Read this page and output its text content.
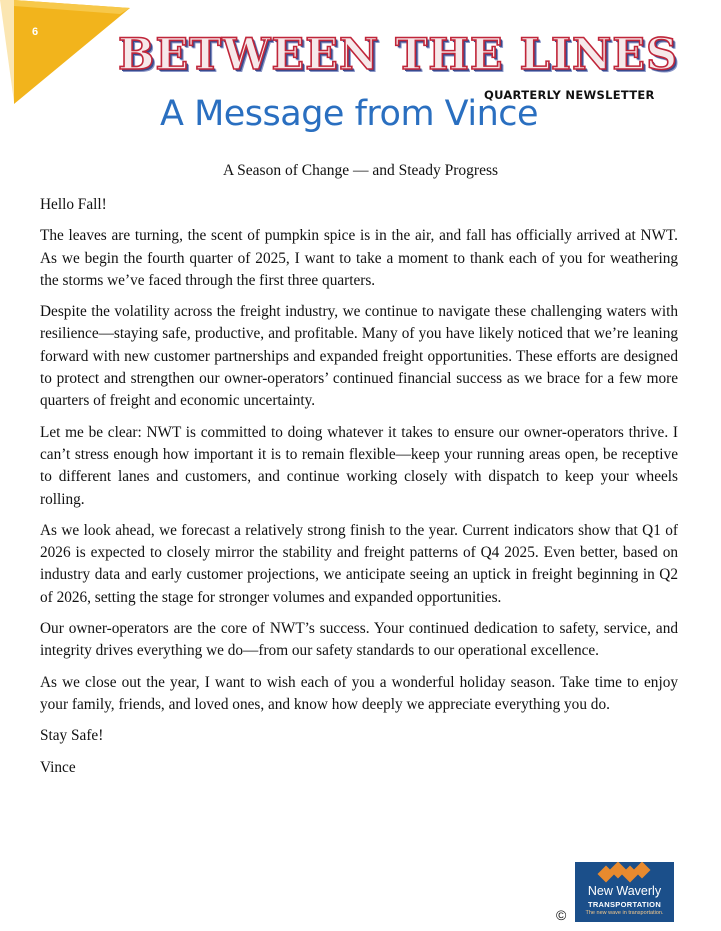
6 BETWEEN THE LINES
QUARTERLY NEWSLETTER
A Message from Vince
A Season of Change — and Steady Progress

Hello Fall!

The leaves are turning, the scent of pumpkin spice is in the air, and fall has officially arrived at NWT. As we begin the fourth quarter of 2025, I want to take a moment to thank each of you for weathering the storms we’ve faced through the first three quarters.

Despite the volatility across the freight industry, we continue to navigate these challenging waters with resilience—staying safe, productive, and profitable. Many of you have likely noticed that we’re leaning forward with new customer partnerships and expanded freight opportunities. These efforts are designed to protect and strengthen our owner-operators’ continued financial success as we brace for a few more quarters of freight and economic uncertainty.

Let me be clear: NWT is committed to doing whatever it takes to ensure our owner-operators thrive. I can’t stress enough how important it is to remain flexible—keep your running areas open, be receptive to different lanes and customers, and continue working closely with dispatch to keep your wheels rolling.

As we look ahead, we forecast a relatively strong finish to the year. Current indicators show that Q1 of 2026 is expected to closely mirror the stability and freight patterns of Q4 2025. Even better, based on industry data and early customer projections, we anticipate seeing an uptick in freight beginning in Q2 of 2026, setting the stage for stronger volumes and expanded opportunities.

Our owner-operators are the core of NWT’s success. Your continued dedication to safety, service, and integrity drives everything we do—from our safety standards to our operational excellence.

As we close out the year, I want to wish each of you a wonderful holiday season. Take time to enjoy your family, friends, and loved ones, and know how deeply we appreciate everything you do.

Stay Safe!

Vince

New Waverly
TRANSPORTATION
The new wave in transportation.
©
